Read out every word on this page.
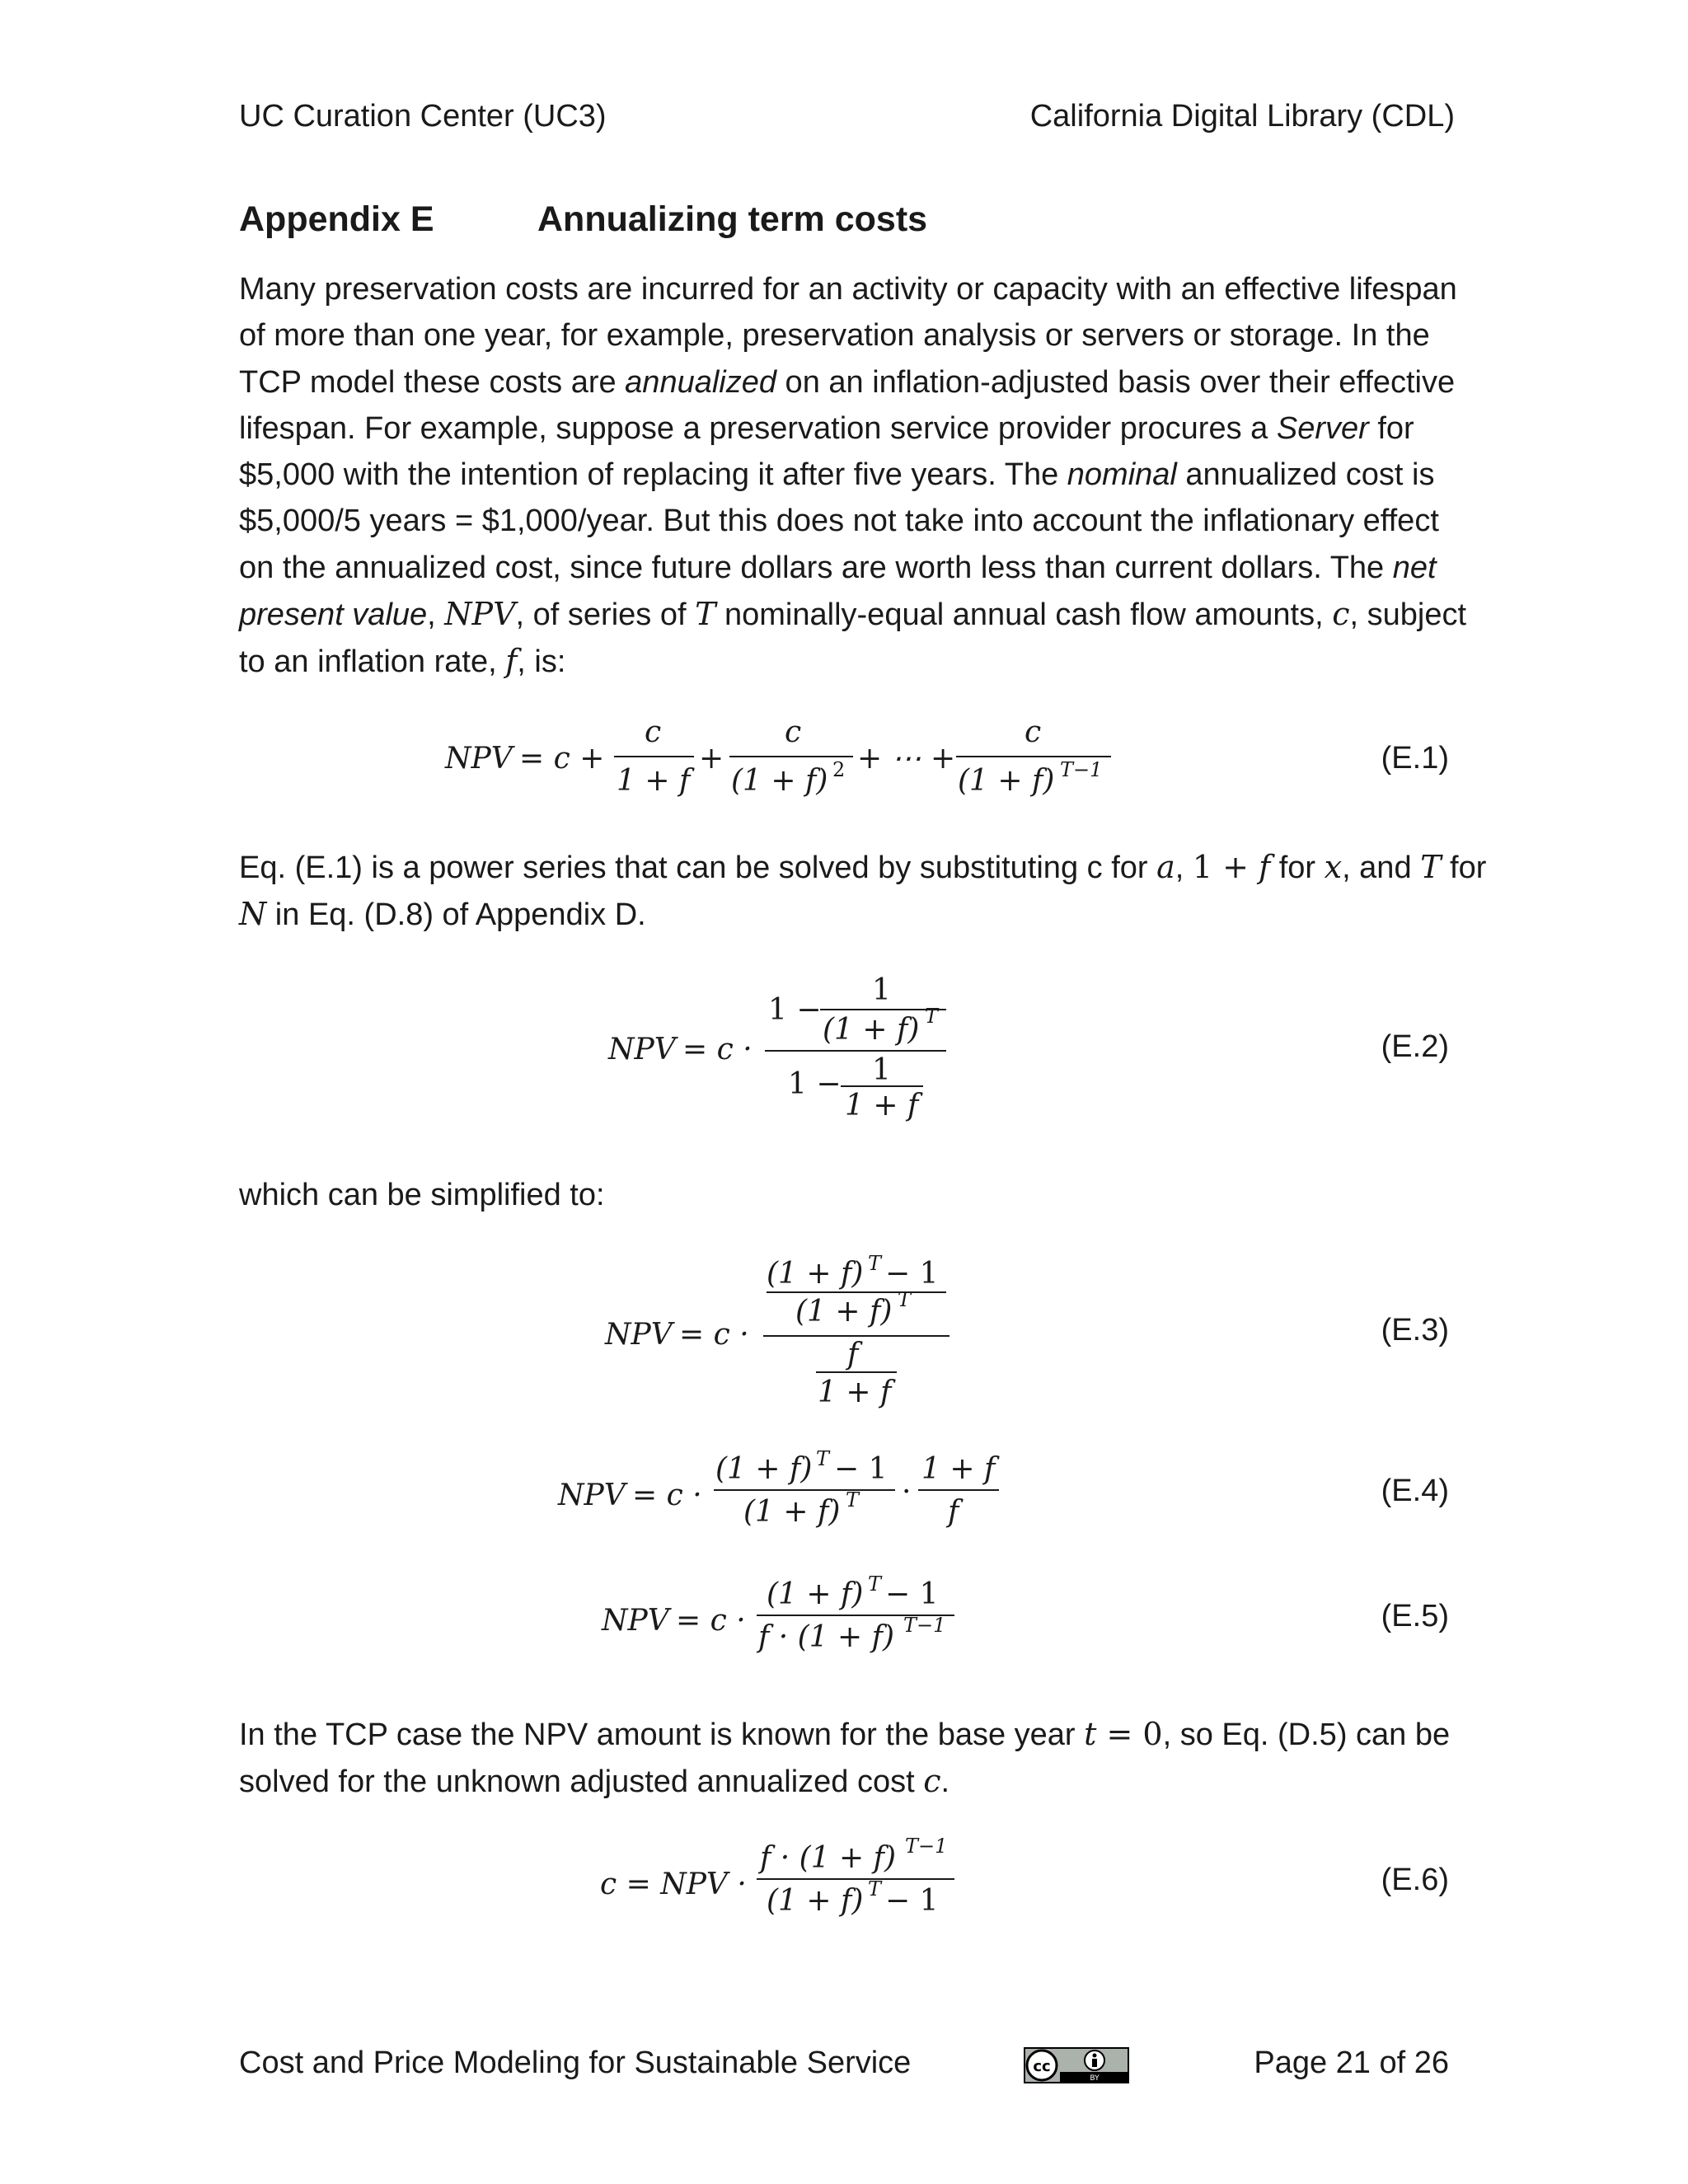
UC Curation Center (UC3)	California Digital Library (CDL)
Appendix E	Annualizing term costs
Many preservation costs are incurred for an activity or capacity with an effective lifespan
of more than one year, for example, preservation analysis or servers or storage. In the
TCP model these costs are annualized on an inflation-adjusted basis over their effective
lifespan. For example, suppose a preservation service provider procures a Server for
$5,000 with the intention of replacing it after five years. The nominal annualized cost is
$5,000/5 years = $1,000/year. But this does not take into account the inflationary effect
on the annualized cost, since future dollars are worth less than current dollars. The net
present value, NPV, of series of T nominally-equal annual cash flow amounts, c, subject
to an inflation rate, f, is:
NPV = c +
c
1 + f
+
c
(1 + f) 2 + ⋯ +
c
(1 + f) T−1	(E.1)
Eq. (E.1) is a power series that can be solved by substituting c for a, 1 + f for x, and T for
N in Eq. (D.8) of Appendix D.
NPV = c ·
1 −
1
(1 + f) T
1 − 1
1 + f
(E.2)
which can be simplified to:
NPV = c ·
(1 + f) T − 1
(1 + f) T
f
1 + f
(E.3)
NPV = c ·
(1 + f) T − 1
(1 + f) T ·
1 + f
f
(E.4)
NPV = c ·
(1 + f) T − 1
f · (1 + f) T−1	(E.5)
In the TCP case the NPV amount is known for the base year t = 0, so Eq. (D.5) can be
solved for the unknown adjusted annualized cost c.
c = NPV ·
f · (1 + f) T−1
(1 + f) T − 1
(E.6)
Cost and Price Modeling for Sustainable Service	cc
BY	Page 21 of 26
